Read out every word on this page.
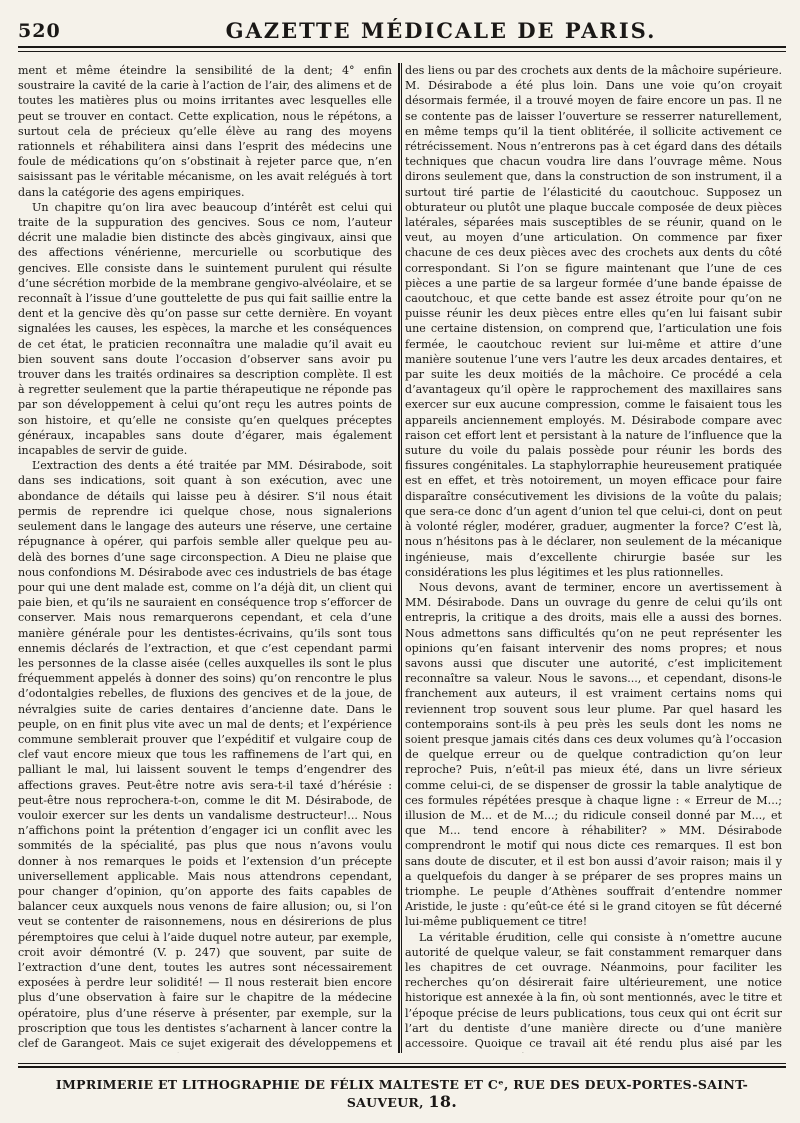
520	GAZETTE MÉDICALE DE PARIS.

ment et même éteindre la sensibilité de la dent; 4° enfin soustraire la cavité de la carie à l’action de l’air, des alimens et de toutes les matières plus ou moins irritantes avec lesquelles elle peut se trouver en contact. Cette explication, nous le répétons, a surtout cela de précieux qu’elle élève au rang des moyens rationnels et réhabilitera ainsi dans l’esprit des médecins une foule de médications qu’on s’obstinait à rejeter parce que, n’en saisissant pas le véritable mécanisme, on les avait relégués à tort dans la catégorie des agens empiriques.

Un chapitre qu’on lira avec beaucoup d’intérêt est celui qui traite de la suppuration des gencives. Sous ce nom, l’auteur décrit une maladie bien distincte des abcès gingivaux, ainsi que des affections vénérienne, mercurielle ou scorbutique des gencives. Elle consiste dans le suintement purulent qui résulte d’une sécrétion morbide de la membrane gengivo-alvéolaire, et se reconnaît à l’issue d’une gouttelette de pus qui fait saillie entre la dent et la gencive dès qu’on passe sur cette dernière. En voyant signalées les causes, les espèces, la marche et les conséquences de cet état, le praticien reconnaîtra une maladie qu’il avait eu bien souvent sans doute l’occasion d’observer sans avoir pu trouver dans les traités ordinaires sa description complète. Il est à regretter seulement que la partie thérapeutique ne réponde pas par son développement à celui qu’ont reçu les autres points de son histoire, et qu’elle ne consiste qu’en quelques préceptes généraux, incapables sans doute d’égarer, mais également incapables de servir de guide.

L’extraction des dents a été traitée par MM. Désirabode, soit dans ses indications, soit quant à son exécution, avec une abondance de détails qui laisse peu à désirer. S’il nous était permis de reprendre ici quelque chose, nous signalerions seulement dans le langage des auteurs une réserve, une certaine répugnance à opérer, qui parfois semble aller quelque peu au-delà des bornes d’une sage circonspection. A Dieu ne plaise que nous confondions M. Désirabode avec ces industriels de bas étage pour qui une dent malade est, comme on l’a déjà dit, un client qui paie bien, et qu’ils ne sauraient en conséquence trop s’efforcer de conserver. Mais nous remarquerons cependant, et cela d’une manière générale pour les dentistes-écrivains, qu’ils sont tous ennemis déclarés de l’extraction, et que c’est cependant parmi les personnes de la classe aisée (celles auxquelles ils sont le plus fréquemment appelés à donner des soins) qu’on rencontre le plus d’odontalgies rebelles, de fluxions des gencives et de la joue, de névralgies suite de caries dentaires d’ancienne date. Dans le peuple, on en finit plus vite avec un mal de dents; et l’expérience commune semblerait prouver que l’expéditif et vulgaire coup de clef vaut encore mieux que tous les raffinemens de l’art qui, en palliant le mal, lui laissent souvent le temps d’engendrer des affections graves. Peut-être notre avis sera-t-il taxé d’hérésie : peut-être nous reprochera-t-on, comme le dit M. Désirabode, de vouloir exercer sur les dents un vandalisme destructeur!... Nous n’affichons point la prétention d’engager ici un conflit avec les sommités de la spécialité, pas plus que nous n’avons voulu donner à nos remarques le poids et l’extension d’un précepte universellement applicable. Mais nous attendrons cependant, pour changer d’opinion, qu’on apporte des faits capables de balancer ceux auxquels nous venons de faire allusion; ou, si l’on veut se contenter de raisonnemens, nous en désirerions de plus péremptoires que celui à l’aide duquel notre auteur, par exemple, croit avoir démontré (V. p. 247) que souvent, par suite de l’extraction d’une dent, toutes les autres sont nécessairement exposées à perdre leur solidité! — Il nous resterait bien encore plus d’une observation à faire sur le chapitre de la médecine opératoire, plus d’une réserve à présenter, par exemple, sur la proscription que tous les dentistes s’acharnent à lancer contre la clef de Garangeot. Mais ce sujet exigerait des développemens et

des liens ou par des crochets aux dents de la mâchoire supérieure. M. Désirabode a été plus loin. Dans une voie qu’on croyait désormais fermée, il a trouvé moyen de faire encore un pas. Il ne se contente pas de laisser l’ouverture se resserrer naturellement, en même temps qu’il la tient oblitérée, il sollicite activement ce rétrécissement. Nous n’entrerons pas à cet égard dans des détails techniques que chacun voudra lire dans l’ouvrage même. Nous dirons seulement que, dans la construction de son instrument, il a surtout tiré partie de l’élasticité du caoutchouc. Supposez un obturateur ou plutôt une plaque buccale composée de deux pièces latérales, séparées mais susceptibles de se réunir, quand on le veut, au moyen d’une articulation. On commence par fixer chacune de ces deux pièces avec des crochets aux dents du côté correspondant. Si l’on se figure maintenant que l’une de ces pièces a une partie de sa largeur formée d’une bande épaisse de caoutchouc, et que cette bande est assez étroite pour qu’on ne puisse réunir les deux pièces entre elles qu’en lui faisant subir une certaine distension, on comprend que, l’articulation une fois fermée, le caoutchouc revient sur lui-même et attire d’une manière soutenue l’une vers l’autre les deux arcades dentaires, et par suite les deux moitiés de la mâchoire. Ce procédé a cela d’avantageux qu’il opère le rapprochement des maxillaires sans exercer sur eux aucune compression, comme le faisaient tous les appareils anciennement employés. M. Désirabode compare avec raison cet effort lent et persistant à la nature de l’influence que la suture du voile du palais possède pour réunir les bords des fissures congénitales. La staphylorraphie heureusement pratiquée est en effet, et très notoirement, un moyen efficace pour faire disparaître consécutivement les divisions de la voûte du palais; que sera-ce donc d’un agent d’union tel que celui-ci, dont on peut à volonté régler, modérer, graduer, augmenter la force? C’est là, nous n’hésitons pas à le déclarer, non seulement de la mécanique ingénieuse, mais d’excellente chirurgie basée sur les considérations les plus légitimes et les plus rationnelles.

Nous devons, avant de terminer, encore un avertissement à MM. Désirabode. Dans un ouvrage du genre de celui qu’ils ont entrepris, la critique a des droits, mais elle a aussi des bornes. Nous admettons sans difficultés qu’on ne peut représenter les opinions qu’en faisant intervenir des noms propres; et nous savons aussi que discuter une autorité, c’est implicitement reconnaître sa valeur. Nous le savons..., et cependant, disons-le franchement aux auteurs, il est vraiment certains noms qui reviennent trop souvent sous leur plume. Par quel hasard les contemporains sont-ils à peu près les seuls dont les noms ne soient presque jamais cités dans ces deux volumes qu’à l’occasion de quelque erreur ou de quelque contradiction qu’on leur reproche? Puis, n’eût-il pas mieux été, dans un livre sérieux comme celui-ci, de se dispenser de grossir la table analytique de ces formules répétées presque à chaque ligne : « Erreur de M...; illusion de M... et de M...; du ridicule conseil donné par M..., et que M... tend encore à réhabiliter? » MM. Désirabode comprendront le motif qui nous dicte ces remarques. Il est bon sans doute de discuter, et il est bon aussi d’avoir raison; mais il y a quelquefois du danger à se préparer de ses propres mains un triomphe. Le peuple d’Athènes souffrait d’entendre nommer Aristide, le juste : qu’eût-ce été si le grand citoyen se fût décerné lui-même publiquement ce titre!

La véritable érudition, celle qui consiste à n’omettre aucune autorité de quelque valeur, se fait constamment remarquer dans les chapitres de cet ouvrage. Néanmoins, pour faciliter les recherches qu’on désirerait faire ultérieurement, une notice historique est annexée à la fin, où sont mentionnés, avec le titre et l’époque précise de leurs publications, tous ceux qui ont écrit sur l’art du dentiste d’une manière directe ou d’une manière accessoire. Quoique ce travail ait été rendu plus aisé par les

IMPRIMERIE ET LITHOGRAPHIE DE FÉLIX MALTESTE ET Cᵉ, RUE DES DEUX-PORTES-SAINT-SAUVEUR, 18.
